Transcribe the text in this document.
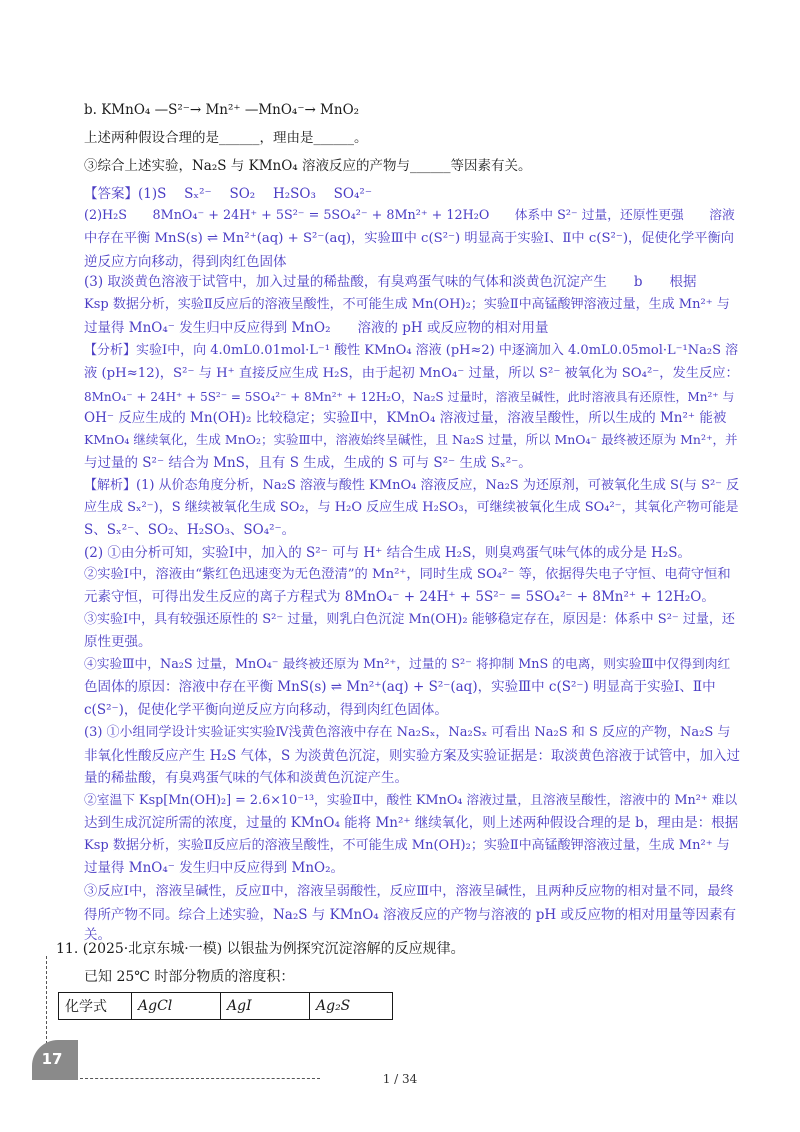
b. KMnO₄ —S²⁻→ Mn²⁺ —MnO₄⁻→ MnO₂
上述两种假设合理的是______，理由是______。
③综合上述实验，Na₂S 与 KMnO₄ 溶液反应的产物与______等因素有关。
【答案】(1)S　 Sₓ²⁻　 SO₂　 H₂SO₃　 SO₄²⁻
(2)H₂S　　8MnO₄⁻ + 24H⁺ + 5S²⁻ = 5SO₄²⁻ + 8Mn²⁺ + 12H₂O　　体系中 S²⁻ 过量，还原性更强　　溶液
中存在平衡 MnS(s) ⇌ Mn²⁺(aq) + S²⁻(aq)，实验Ⅲ中 c(S²⁻) 明显高于实验Ⅰ、Ⅱ中 c(S²⁻)，促使化学平衡向
逆反应方向移动，得到肉红色固体
(3) 取淡黄色溶液于试管中，加入过量的稀盐酸，有臭鸡蛋气味的气体和淡黄色沉淀产生　　b　　根据
Ksp 数据分析，实验Ⅱ反应后的溶液呈酸性，不可能生成 Mn(OH)₂；实验Ⅱ中高锰酸钾溶液过量，生成 Mn²⁺ 与
过量得 MnO₄⁻ 发生归中反应得到 MnO₂　　溶液的 pH 或反应物的相对用量
【分析】实验Ⅰ中，向 4.0mL0.01mol·L⁻¹ 酸性 KMnO₄ 溶液 (pH≈2) 中逐滴加入 4.0mL0.05mol·L⁻¹Na₂S 溶
液 (pH≈12)，S²⁻ 与 H⁺ 直接反应生成 H₂S，由于起初 MnO₄⁻ 过量，所以 S²⁻ 被氧化为 SO₄²⁻，发生反应：
8MnO₄⁻ + 24H⁺ + 5S²⁻ = 5SO₄²⁻ + 8Mn²⁺ + 12H₂O，Na₂S 过量时，溶液呈碱性，此时溶液具有还原性，Mn²⁺ 与
OH⁻ 反应生成的 Mn(OH)₂ 比较稳定；实验Ⅱ中，KMnO₄ 溶液过量，溶液呈酸性，所以生成的 Mn²⁺ 能被
KMnO₄ 继续氧化，生成 MnO₂；实验Ⅲ中，溶液始终呈碱性，且 Na₂S 过量，所以 MnO₄⁻ 最终被还原为 Mn²⁺，并
与过量的 S²⁻ 结合为 MnS，且有 S 生成，生成的 S 可与 S²⁻ 生成 Sₓ²⁻。
【解析】(1) 从价态角度分析，Na₂S 溶液与酸性 KMnO₄ 溶液反应，Na₂S 为还原剂，可被氧化生成 S(与 S²⁻ 反
应生成 Sₓ²⁻)，S 继续被氧化生成 SO₂，与 H₂O 反应生成 H₂SO₃，可继续被氧化生成 SO₄²⁻，其氧化产物可能是
S、Sₓ²⁻、SO₂、H₂SO₃、SO₄²⁻。
(2) ①由分析可知，实验Ⅰ中，加入的 S²⁻ 可与 H⁺ 结合生成 H₂S，则臭鸡蛋气味气体的成分是 H₂S。
②实验Ⅰ中，溶液由“紫红色迅速变为无色澄清”的 Mn²⁺，同时生成 SO₄²⁻ 等，依据得失电子守恒、电荷守恒和
元素守恒，可得出发生反应的离子方程式为 8MnO₄⁻ + 24H⁺ + 5S²⁻ = 5SO₄²⁻ + 8Mn²⁺ + 12H₂O。
③实验Ⅰ中，具有较强还原性的 S²⁻ 过量，则乳白色沉淀 Mn(OH)₂ 能够稳定存在，原因是：体系中 S²⁻ 过量，还
原性更强。
④实验Ⅲ中，Na₂S 过量，MnO₄⁻ 最终被还原为 Mn²⁺，过量的 S²⁻ 将抑制 MnS 的电离，则实验Ⅲ中仅得到肉红
色固体的原因：溶液中存在平衡 MnS(s) ⇌ Mn²⁺(aq) + S²⁻(aq)，实验Ⅲ中 c(S²⁻) 明显高于实验Ⅰ、Ⅱ中
c(S²⁻)，促使化学平衡向逆反应方向移动，得到肉红色固体。
(3) ①小组同学设计实验证实实验Ⅳ浅黄色溶液中存在 Na₂Sₓ，Na₂Sₓ 可看出 Na₂S 和 S 反应的产物，Na₂S 与
非氧化性酸反应产生 H₂S 气体，S 为淡黄色沉淀，则实验方案及实验证据是：取淡黄色溶液于试管中，加入过
量的稀盐酸，有臭鸡蛋气味的气体和淡黄色沉淀产生。
②室温下 Ksp[Mn(OH)₂] = 2.6×10⁻¹³，实验Ⅱ中，酸性 KMnO₄ 溶液过量，且溶液呈酸性，溶液中的 Mn²⁺ 难以
达到生成沉淀所需的浓度，过量的 KMnO₄ 能将 Mn²⁺ 继续氧化，则上述两种假设合理的是 b，理由是：根据
Ksp 数据分析，实验Ⅱ反应后的溶液呈酸性，不可能生成 Mn(OH)₂；实验Ⅱ中高锰酸钾溶液过量，生成 Mn²⁺ 与
过量得 MnO₄⁻ 发生归中反应得到 MnO₂。
③反应Ⅰ中，溶液呈碱性，反应Ⅱ中，溶液呈弱酸性，反应Ⅲ中，溶液呈碱性，且两种反应物的相对量不同，最终
得所产物不同。综合上述实验，Na₂S 与 KMnO₄ 溶液反应的产物与溶液的 pH 或反应物的相对用量等因素有
关。
11. (2025·北京东城·一模) 以银盐为例探究沉淀溶解的反应规律。
已知 25℃ 时部分物质的溶度积：
化学式	AgCl	AgI	Ag₂S
17
1 / 34
